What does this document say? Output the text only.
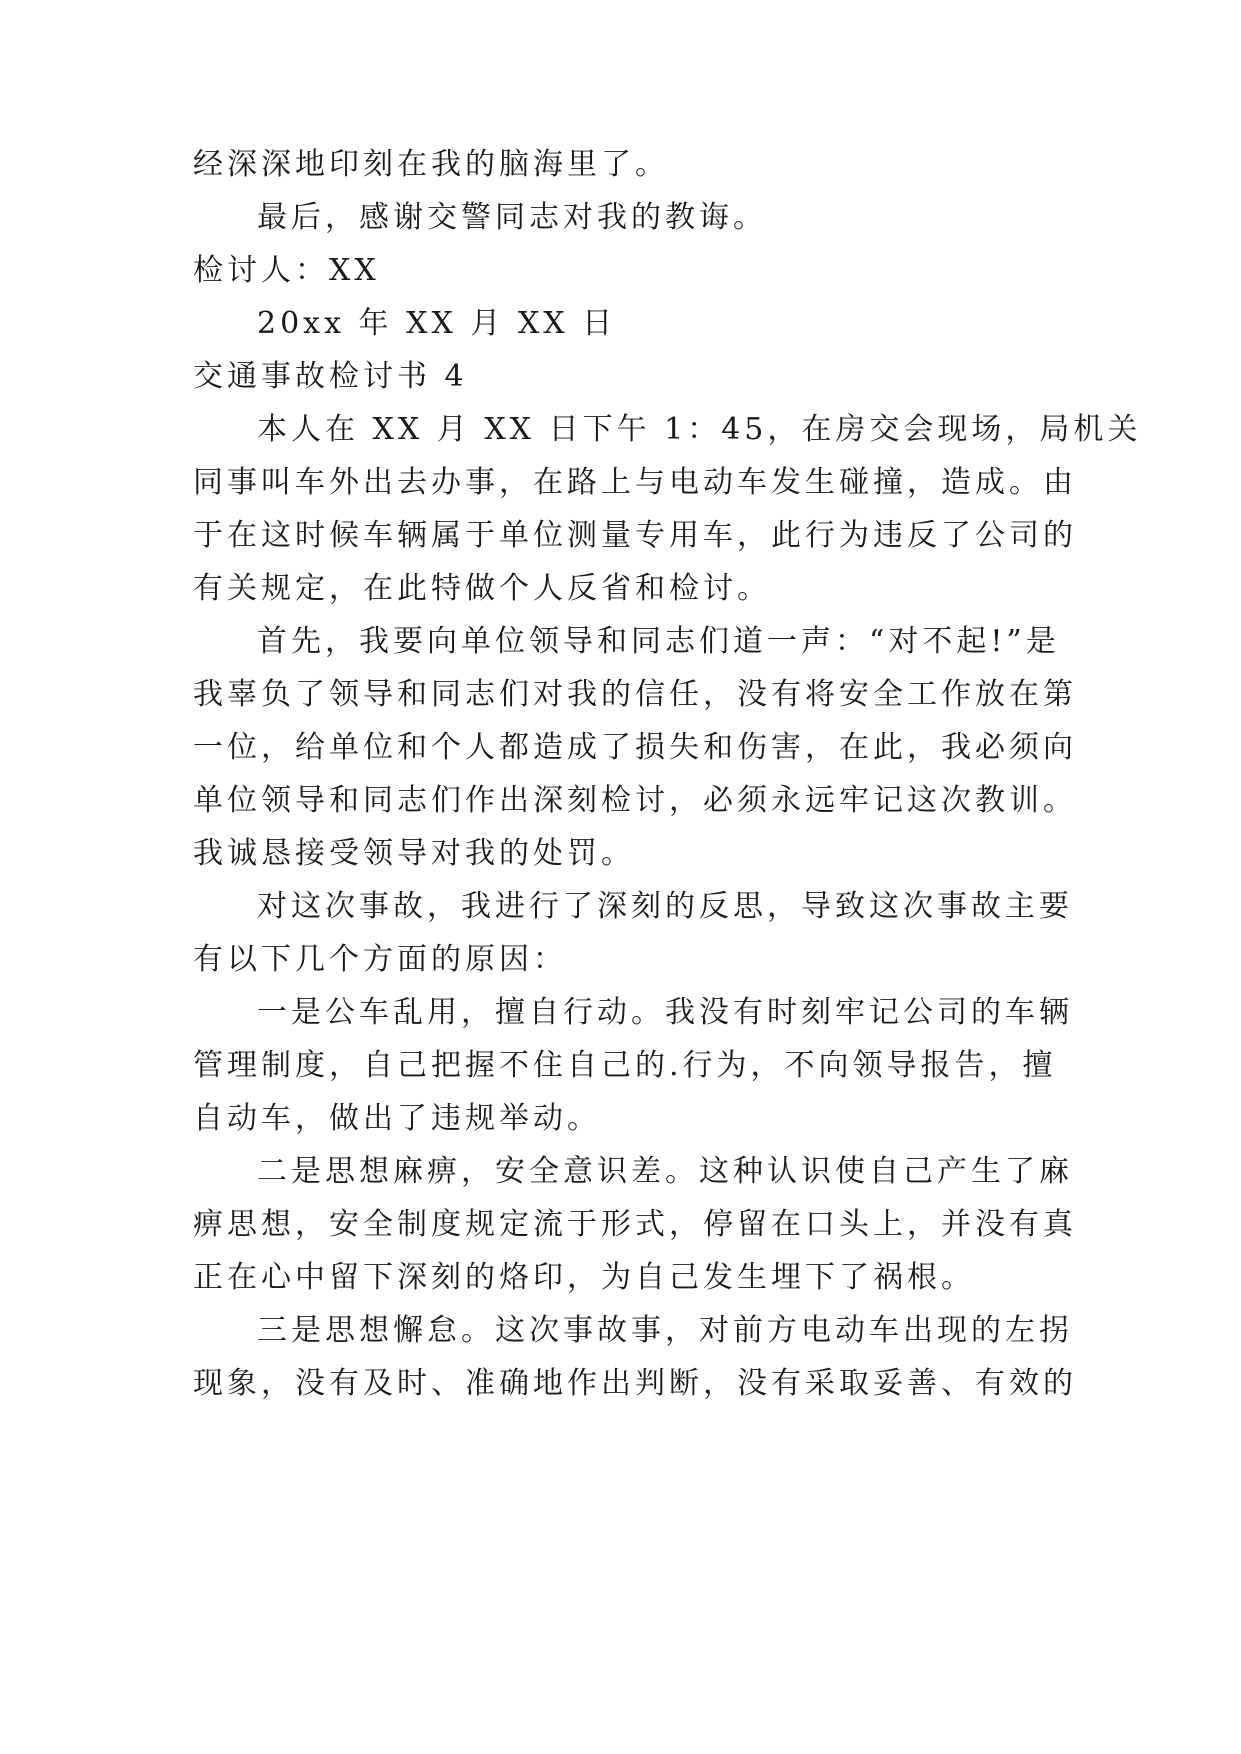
经深深地印刻在我的脑海里了。

最后，感谢交警同志对我的教诲。

检讨人：XX

20xx 年 XX 月 XX 日

交通事故检讨书 4

本人在 XX 月 XX 日下午 1：45，在房交会现场，局机关

同事叫车外出去办事，在路上与电动车发生碰撞，造成。由

于在这时候车辆属于单位测量专用车，此行为违反了公司的

有关规定，在此特做个人反省和检讨。

首先，我要向单位领导和同志们道一声：“对不起!”是

我辜负了领导和同志们对我的信任，没有将安全工作放在第

一位，给单位和个人都造成了损失和伤害，在此，我必须向

单位领导和同志们作出深刻检讨，必须永远牢记这次教训。

我诚恳接受领导对我的处罚。

对这次事故，我进行了深刻的反思，导致这次事故主要

有以下几个方面的原因：

一是公车乱用，擅自行动。我没有时刻牢记公司的车辆

管理制度，自己把握不住自己的.行为，不向领导报告，擅

自动车，做出了违规举动。

二是思想麻痹，安全意识差。这种认识使自己产生了麻

痹思想，安全制度规定流于形式，停留在口头上，并没有真

正在心中留下深刻的烙印，为自己发生埋下了祸根。

三是思想懈怠。这次事故事，对前方电动车出现的左拐

现象，没有及时、准确地作出判断，没有采取妥善、有效的
